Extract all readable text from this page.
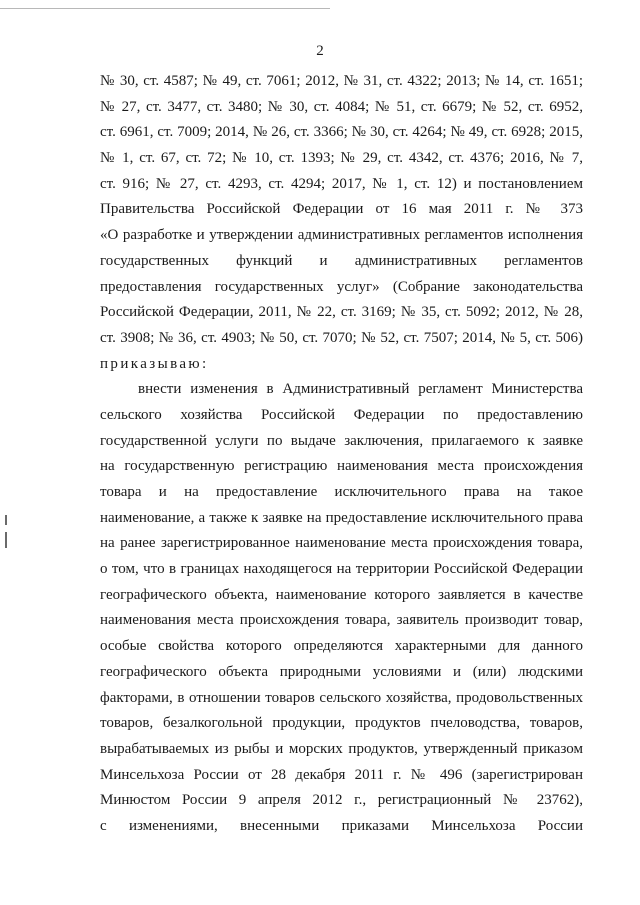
2
№ 30, ст. 4587; № 49, ст. 7061; 2012, № 31, ст. 4322; 2013; № 14, ст. 1651;
№ 27, ст. 3477, ст. 3480; № 30, ст. 4084; № 51, ст. 6679; № 52, ст. 6952,
ст. 6961, ст. 7009; 2014, № 26, ст. 3366; № 30, ст. 4264; № 49, ст. 6928; 2015,
№ 1, ст. 67, ст. 72; № 10, ст. 1393; № 29, ст. 4342, ст. 4376; 2016, № 7,
ст. 916; № 27, ст. 4293, ст. 4294; 2017, № 1, ст. 12) и постановлением
Правительства Российской Федерации от 16 мая 2011 г. № 373
«О разработке и утверждении административных регламентов исполнения
государственных функций и административных регламентов
предоставления государственных услуг» (Собрание законодательства
Российской Федерации, 2011, № 22, ст. 3169; № 35, ст. 5092; 2012, № 28,
ст. 3908; № 36, ст. 4903; № 50, ст. 7070; № 52, ст. 7507; 2014, № 5, ст. 506)
приказываю:
внести изменения в Административный регламент Министерства
сельского хозяйства Российской Федерации по предоставлению
государственной услуги по выдаче заключения, прилагаемого к заявке
на государственную регистрацию наименования места происхождения
товара и на предоставление исключительного права на такое
наименование, а также к заявке на предоставление исключительного права
на ранее зарегистрированное наименование места происхождения товара,
о том, что в границах находящегося на территории Российской Федерации
географического объекта, наименование которого заявляется в качестве
наименования места происхождения товара, заявитель производит товар,
особые свойства которого определяются характерными для данного
географического объекта природными условиями и (или) людскими
факторами, в отношении товаров сельского хозяйства, продовольственных
товаров, безалкогольной продукции, продуктов пчеловодства, товаров,
вырабатываемых из рыбы и морских продуктов, утвержденный приказом
Минсельхоза России от 28 декабря 2011 г. № 496 (зарегистрирован
Минюстом России 9 апреля 2012 г., регистрационный № 23762),
с изменениями, внесенными приказами Минсельхоза России
